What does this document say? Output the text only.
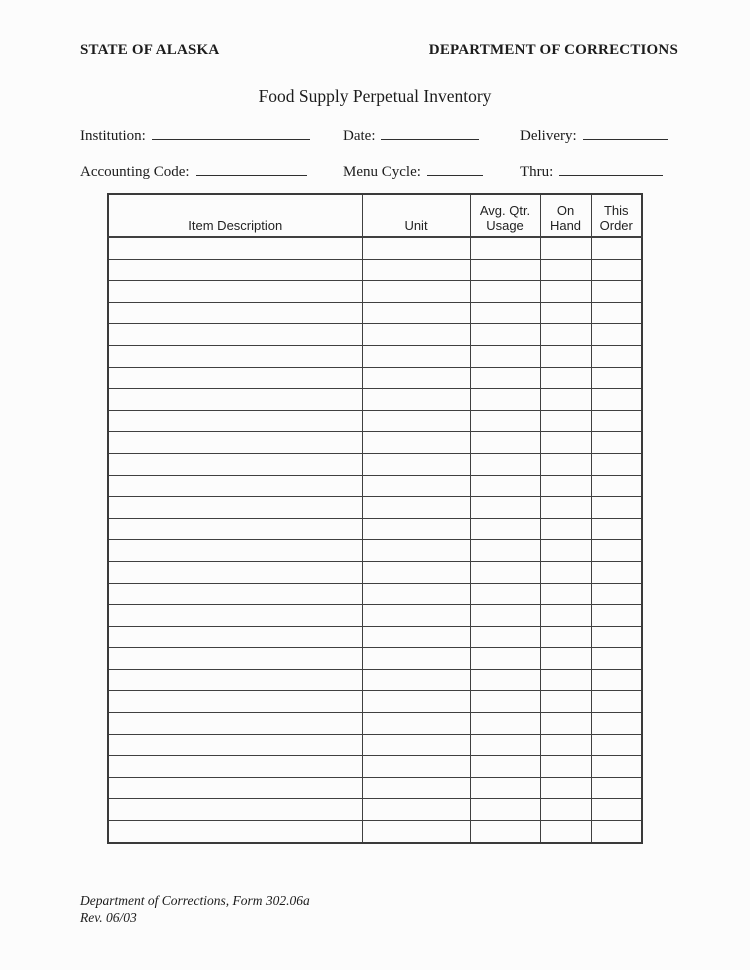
STATE OF ALASKA	DEPARTMENT OF CORRECTIONS
Food Supply Perpetual Inventory
Institution:	Date:	Delivery:
Accounting Code:	Menu Cycle:	Thru:
Item Description	Unit	Avg. Qtr. Usage	On Hand	This Order

Department of Corrections, Form 302.06a
Rev. 06/03
